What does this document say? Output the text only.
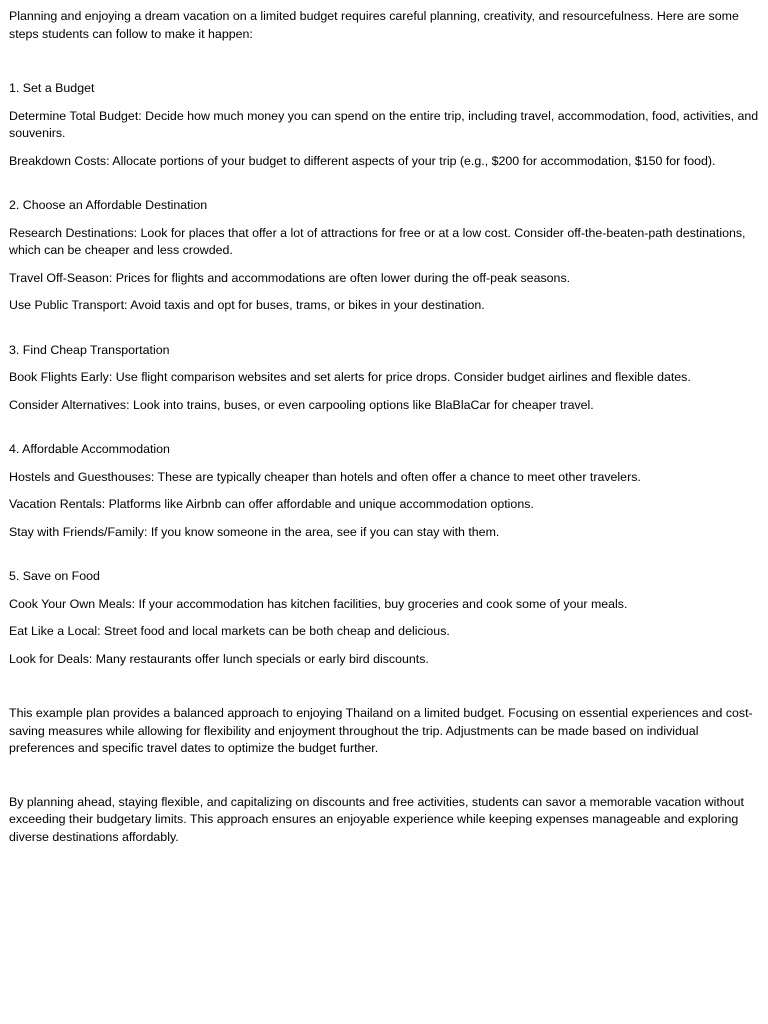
Planning and enjoying a dream vacation on a limited budget requires careful planning, creativity, and resourcefulness. Here are some steps students can follow to make it happen:

1. Set a Budget

Determine Total Budget: Decide how much money you can spend on the entire trip, including travel, accommodation, food, activities, and souvenirs.

Breakdown Costs: Allocate portions of your budget to different aspects of your trip (e.g., $200 for accommodation, $150 for food).

2. Choose an Affordable Destination

Research Destinations: Look for places that offer a lot of attractions for free or at a low cost. Consider off-the-beaten-path destinations, which can be cheaper and less crowded.

Travel Off-Season: Prices for flights and accommodations are often lower during the off-peak seasons.

Use Public Transport: Avoid taxis and opt for buses, trams, or bikes in your destination.

3. Find Cheap Transportation

Book Flights Early: Use flight comparison websites and set alerts for price drops. Consider budget airlines and flexible dates.

Consider Alternatives: Look into trains, buses, or even carpooling options like BlaBlaCar for cheaper travel.

4. Affordable Accommodation

Hostels and Guesthouses: These are typically cheaper than hotels and often offer a chance to meet other travelers.

Vacation Rentals: Platforms like Airbnb can offer affordable and unique accommodation options.

Stay with Friends/Family: If you know someone in the area, see if you can stay with them.

5. Save on Food

Cook Your Own Meals: If your accommodation has kitchen facilities, buy groceries and cook some of your meals.

Eat Like a Local: Street food and local markets can be both cheap and delicious.

Look for Deals: Many restaurants offer lunch specials or early bird discounts.

This example plan provides a balanced approach to enjoying Thailand on a limited budget. Focusing on essential experiences and cost-saving measures while allowing for flexibility and enjoyment throughout the trip. Adjustments can be made based on individual preferences and specific travel dates to optimize the budget further.

By planning ahead, staying flexible, and capitalizing on discounts and free activities, students can savor a memorable vacation without exceeding their budgetary limits. This approach ensures an enjoyable experience while keeping expenses manageable and exploring diverse destinations affordably.
